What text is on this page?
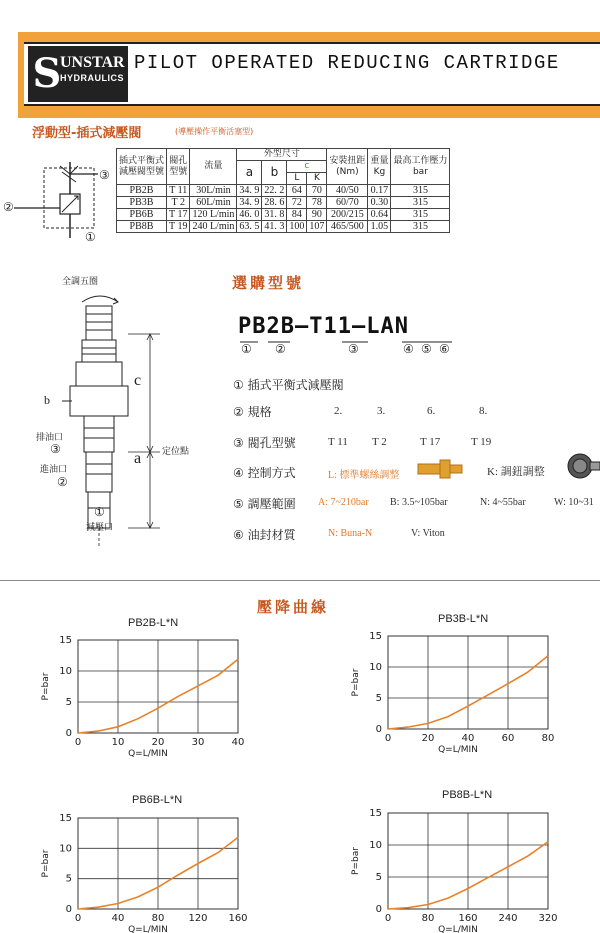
S
UNSTAR
HYDRAULICS
PILOT OPERATED REDUCING CARTRIDGE
浮動型-插式減壓閥	(導壓操作平衡活塞型)
③
②
①
插式平衡式
減壓閥型號	閥孔
型號	流量	外型尺寸				安裝扭距
(Nm)	重量
Kg	最高工作壓力
bar
			a	b	c				
					L	K			
PB2B	T 11	30L/min	34. 9	22. 2	64	70	40/50	0.17	315
PB3B	T 2	60L/min	34. 9	28. 6	72	78	60/70	0.30	315
PB6B	T 17	120 L/min	46. 0	31. 8	84	90	200/215	0.64	315
PB8B	T 19	240 L/min	63. 5	41. 3	100	107	465/500	1.05	315
全調五圈
b
c
a
排油口
③
進油口
②
①
減壓口
定位點
選購型號
PB2B—T11—LAN
① ②	③	④ ⑤ ⑥
① 插式平衡式減壓閥
② 規格	2.	3.	6.	8.
③ 閥孔型號	T 11 T 2	T 17	T 19
④ 控制方式	L: 標準螺絲調整	K: 調鈕調整
⑤ 調壓範圍 A: 7~210bar B: 3.5~105bar	N: 4~55bar	W: 10~31
⑥ 油封材質	N: Buna-N	V: Viton
壓降曲線
PB2B-L*N
0	10	20	30	40
0
5
10
15
Q=L/MIN
P=bar
PB3B-L*N
0	20	40	60	80
0
5
10
15
Q=L/MIN
P=bar
PB6B-L*N
0	40	80 120 160
0
5
10
15
Q=L/MIN
P=bar
PB8B-L*N
0	80 160 240 320
0
5
10
15
Q=L/MIN
P=bar
